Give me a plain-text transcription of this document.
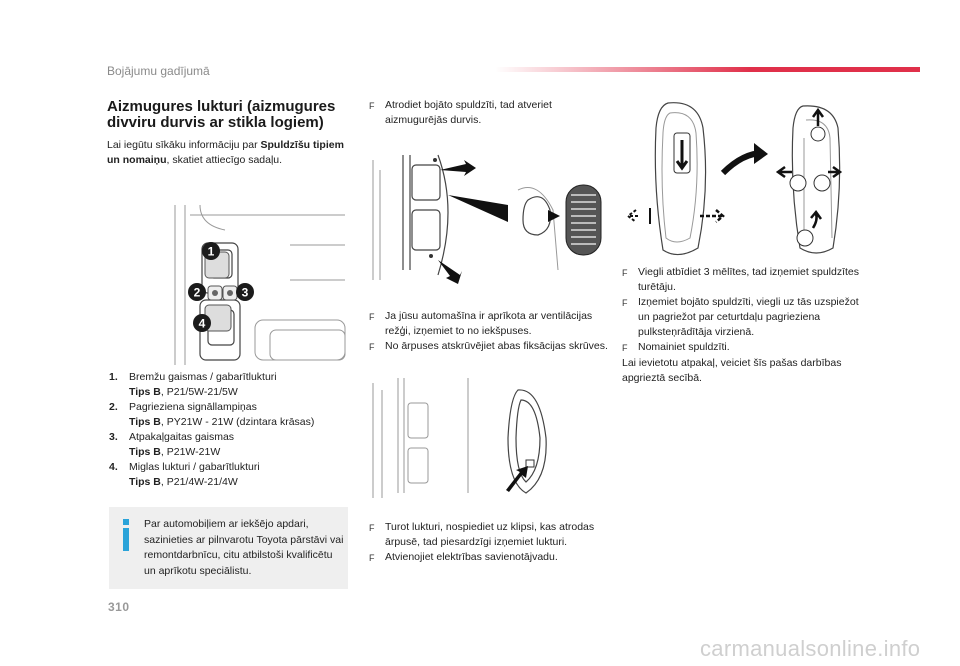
Bojājumu gadījumā
Aizmugures lukturi (aizmugures
divviru durvis ar stikla logiem)
Lai iegūtu sīkāku informāciju par Spuldzīšu tipiem un nomaiņu, skatiet attiecīgo sadaļu.
1
2	3
4
1.	Bremžu gaismas / gabarītlukturi
Tips B, P21/5W-21/5W
2.	Pagrieziena signāllampiņas
Tips B, PY21W - 21W (dzintara krāsas)
3.	Atpakaļgaitas gaismas
Tips B, P21W-21W
4.	Miglas lukturi / gabarītlukturi
Tips B, P21/4W-21/4W
Par automobiļiem ar iekšējo apdari, sazinieties ar pilnvarotu Toyota pārstāvi vai remontdarbnīcu, citu atbilstoši kvalificētu un aprīkotu speciālistu.
310
F	Atrodiet bojāto spuldzīti, tad atveriet aizmugurējās durvis.
F	Ja jūsu automašīna ir aprīkota ar ventilācijas režģi, izņemiet to no iekšpuses.
F	No ārpuses atskrūvējiet abas fiksācijas skrūves.
F	Turot lukturi, nospiediet uz klipsi, kas atrodas ārpusē, tad piesardzīgi izņemiet lukturi.
F	Atvienojiet elektrības savienotājvadu.
F	Viegli atbīdiet 3 mēlītes, tad izņemiet spuldzītes turētāju.
F	Izņemiet bojāto spuldzīti, viegli uz tās uzspiežot un pagriežot par ceturtdaļu pagrieziena pulksteņrādītāja virzienā.
F	Nomainiet spuldzīti.
Lai ievietotu atpakaļ, veiciet šīs pašas darbības apgrieztā secībā.
carmanualsonline.info
